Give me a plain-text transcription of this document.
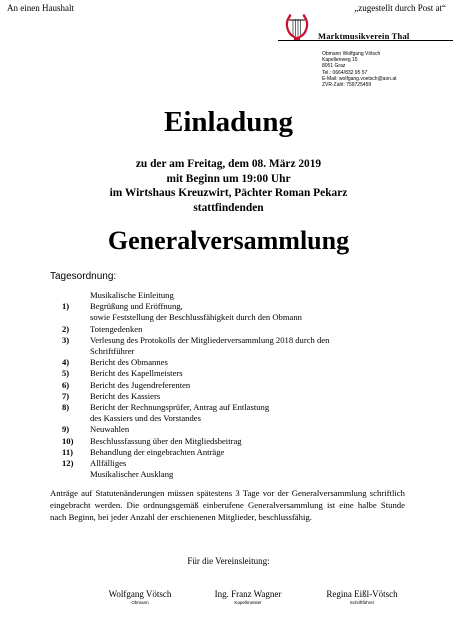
An einen Haushalt	„zugestellt durch Post at“
Marktmusikverein Thal
Obmann Wolfgang Vötsch
Kapellenweg 15
8051 Graz
Tel.: 0664/832 95 57
E-Mail: wolfgang.voetsch@aon.at
ZVR-Zahl: 759725459
Einladung
zu der am Freitag, dem 08. März 2019
mit Beginn um 19:00 Uhr
im Wirtshaus Kreuzwirt, Pächter Roman Pekarz
stattfindenden
Generalversammlung
Tagesordnung:
Musikalische Einleitung
1)	Begrüßung und Eröffnung,
sowie Feststellung der Beschlussfähigkeit durch den Obmann
2)	Totengedenken
3)	Verlesung des Protokolls der Mitgliederversammlung 2018 durch den
Schriftführer
4)	Bericht des Obmannes
5)	Bericht des Kapellmeisters
6)	Bericht des Jugendreferenten
7)	Bericht des Kassiers
8)	Bericht der Rechnungsprüfer, Antrag auf Entlastung
des Kassiers und des Vorstandes
9)	Neuwahlen
10)	Beschlussfassung über den Mitgliedsbeitrag
11)	Behandlung der eingebrachten Anträge
12)	Allfälliges
Musikalischer Ausklang
Anträge auf Statutenänderungen müssen spätestens 3 Tage vor der Generalversammlung schriftlich eingebracht werden. Die ordnungsgemäß einberufene Generalversammlung ist eine halbe Stunde nach Beginn, bei jeder Anzahl der erschienenen Mitglieder, beschlussfähig.
Für die Vereinsleitung:
Wolfgang Vötsch
Obmann
Ing. Franz Wagner
Kapellmeister
Regina Eißl-Vötsch
Schriftführer
